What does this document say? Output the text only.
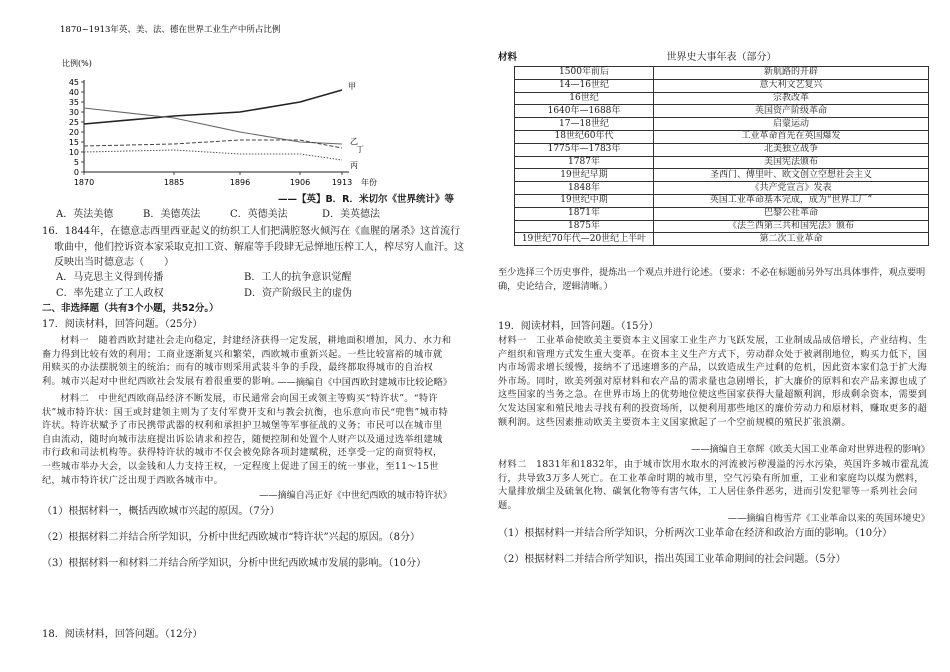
1870~1913年英、美、法、德在世界工业生产中所占比例
比例(%)
0
5
10
15
20
25
30
35
40
45
1870	1885	1896	1906	1913
甲
乙
丙
丁
年份

——【英】B．R．米切尔《世界统计》等

A．英法美德	B．美德英法	C．英德美法	D．美英德法

16．1844年，在德意志西里西亚起义的纺织工人们把满腔怒火倾泻在《血腥的屠杀》这首流行歌曲中，他们控诉资本家采取克扣工资、解雇等手段肆无忌惮地压榨工人，榨尽穷人血汗。这反映出当时德意志（　　）

A．马克思主义得到传播	B．工人的抗争意识觉醒
C．率先建立了工人政权	D．资产阶级民主的虚伪

二、非选择题（共有3个小题，共52分。）

17．阅读材料，回答问题。（25分）

材料一　随着西欧封建社会走向稳定，封建经济获得一定发展，耕地面积增加，风力、水力和畜力得到比较有效的利用；工商业逐渐复兴和繁荣，西欧城市重新兴起。一些比较富裕的城市就用赎买的办法摆脱领主的统治；而有的城市则采用武装斗争的手段，最终都取得城市的自治权利。城市兴起对中世纪西欧社会发展有着很重要的影响。

——摘编自《中国西欧封建城市比较论略》

材料二　中世纪西欧商品经济不断发展，市民通常会向国王或领主等购买“特许状”。“特许状”城市特许状：国王或封建领主则为了支付军费开支和与教会抗衡，也乐意向市民“兜售”城市特许状。特许状赋予了市民携带武器的权利和承担护卫城堡等军事征战的义务；市民可以在城市里自由流动，随时向城市法庭提出诉讼请求和控告，随便控制和处置个人财产以及通过选举组建城市行政和司法机构等。获得特许状的城市不仅会被免除各项封建赋税，还享受一定的商贸特权，一些城市举办大会，以金钱和人力支持王权，一定程度上促进了国王的统一事业，至11～15世纪，城市特许状广泛出现于西欧各城市中。

——摘编自冯正好《中世纪西欧的城市特许状》

（1）根据材料一，概括西欧城市兴起的原因。（7分）

（2）根据材料二并结合所学知识，分析中世纪西欧城市“特许状”兴起的原因。（8分）

（3）根据材料一和材料二并结合所学知识，分析中世纪西欧城市发展的影响。（10分）

18．阅读材料，回答问题。（12分）

材料	世界史大事年表（部分）

1500年前后	新航路的开辟
14—16世纪	意大利文艺复兴
16世纪	宗教改革
1640年—1688年	英国资产阶级革命
17—18世纪	启蒙运动
18世纪60年代	工业革命首先在英国爆发
1775年—1783年	北美独立战争
1787年	美国宪法颁布
19世纪早期	圣西门、傅里叶、欧文创立空想社会主义
1848年	《共产党宣言》发表
19世纪中期	英国工业革命基本完成，成为“世界工厂”
1871年	巴黎公社革命
1875年	《法兰西第三共和国宪法》颁布
19世纪70年代—20世纪上半叶	第二次工业革命

至少选择三个历史事件，提炼出一个观点并进行论述。（要求：不必在标题前另外写出具体事件，观点要明确，史论结合，逻辑清晰。）

19．阅读材料，回答问题。（15分）

材料一　工业革命使欧美主要资本主义国家工业生产力飞跃发展，工业制成品成倍增长，产业结构、生产组织和管理方式发生重大变革。在资本主义生产方式下，劳动群众处于被剥削地位，购买力低下，国内市场需求增长缓慢，接纳不了迅速增多的产品，以致造成生产过剩的危机，因此资本家们急于扩大海外市场。同时，欧美列强对原材料和农产品的需求量也急剧增长，扩大廉价的原料和农产品来源也成了这些国家的当务之急。在世界市场上的优势地位使这些国家获得大量超额利润，形成剩余资本，需要到欠发达国家和殖民地去寻找有利的投资场所，以便利用那些地区的廉价劳动力和原材料，赚取更多的超额利润。这些因素推动欧美主要资本主义国家掀起了一个空前规模的殖民扩张浪潮。

——摘编自王章辉《欧美大国工业革命对世界进程的影响》

材料二　1831年和1832年，由于城市饮用水取水的河流被污秽漫溢的污水污染，英国许多城市霍乱流行，共导致3万多人死亡。在工业革命时期的城市里，空气污染有所加重，工业和家庭均以煤为燃料，大量排放烟尘及硫氧化物、碳氧化物等有害气体，工人居住条件恶劣，进而引发犯罪等一系列社会问题。

——摘编自梅雪芹《工业革命以来的英国环境史》

（1）根据材料一并结合所学知识，分析两次工业革命在经济和政治方面的影响。（10分）

（2）根据材料二并结合所学知识，指出英国工业革命期间的社会问题。（5分）
